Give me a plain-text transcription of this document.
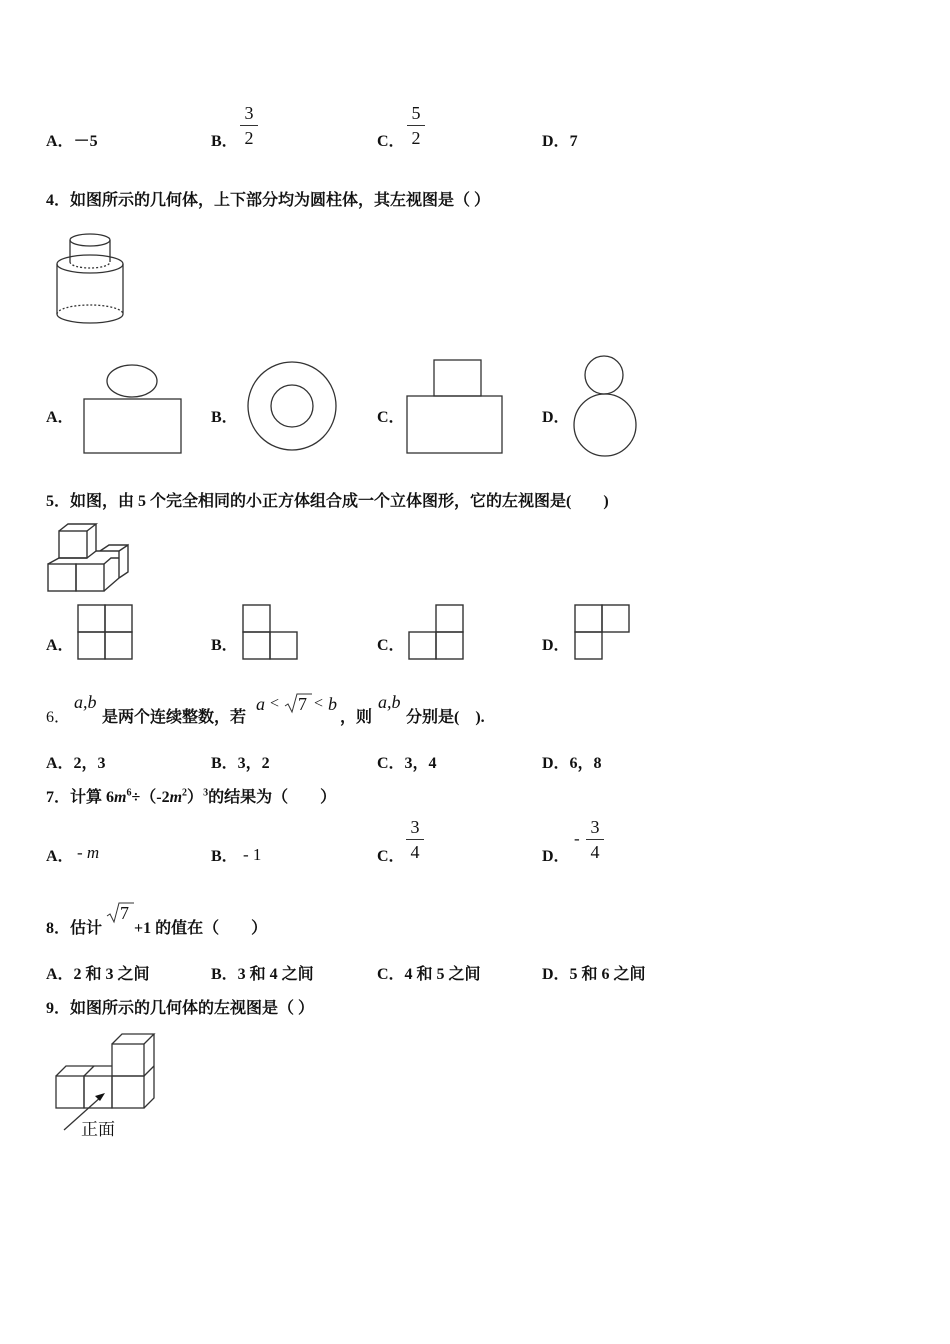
A．－5	B．
3
2	C．
5
2	D．7
4．如图所示的几何体，上下部分均为圆柱体，其左视图是（ ）
A．	B．	C．	D．
5．如图，由 5 个完全相同的小正方体组合成一个立体图形，它的左视图是(　　)
A．	B．	C．	D．
6．
a,b
是两个连续整数，若
a < 7 < b
，则
a,b
分别是(　).
A．2，3	B．3，2	C．3，4	D．6，8
7．计算 $6m^6\div(-2m^2)^3$的结果为（　　）
A． - m	B． - 1	C．
3
4	D．
-
3
4
8．估计
7
+1 的值在（　　）
A．2 和 3 之间	B．3 和 4 之间	C．4 和 5 之间	D．5 和 6 之间
9．如图所示的几何体的左视图是（ ）
正面
